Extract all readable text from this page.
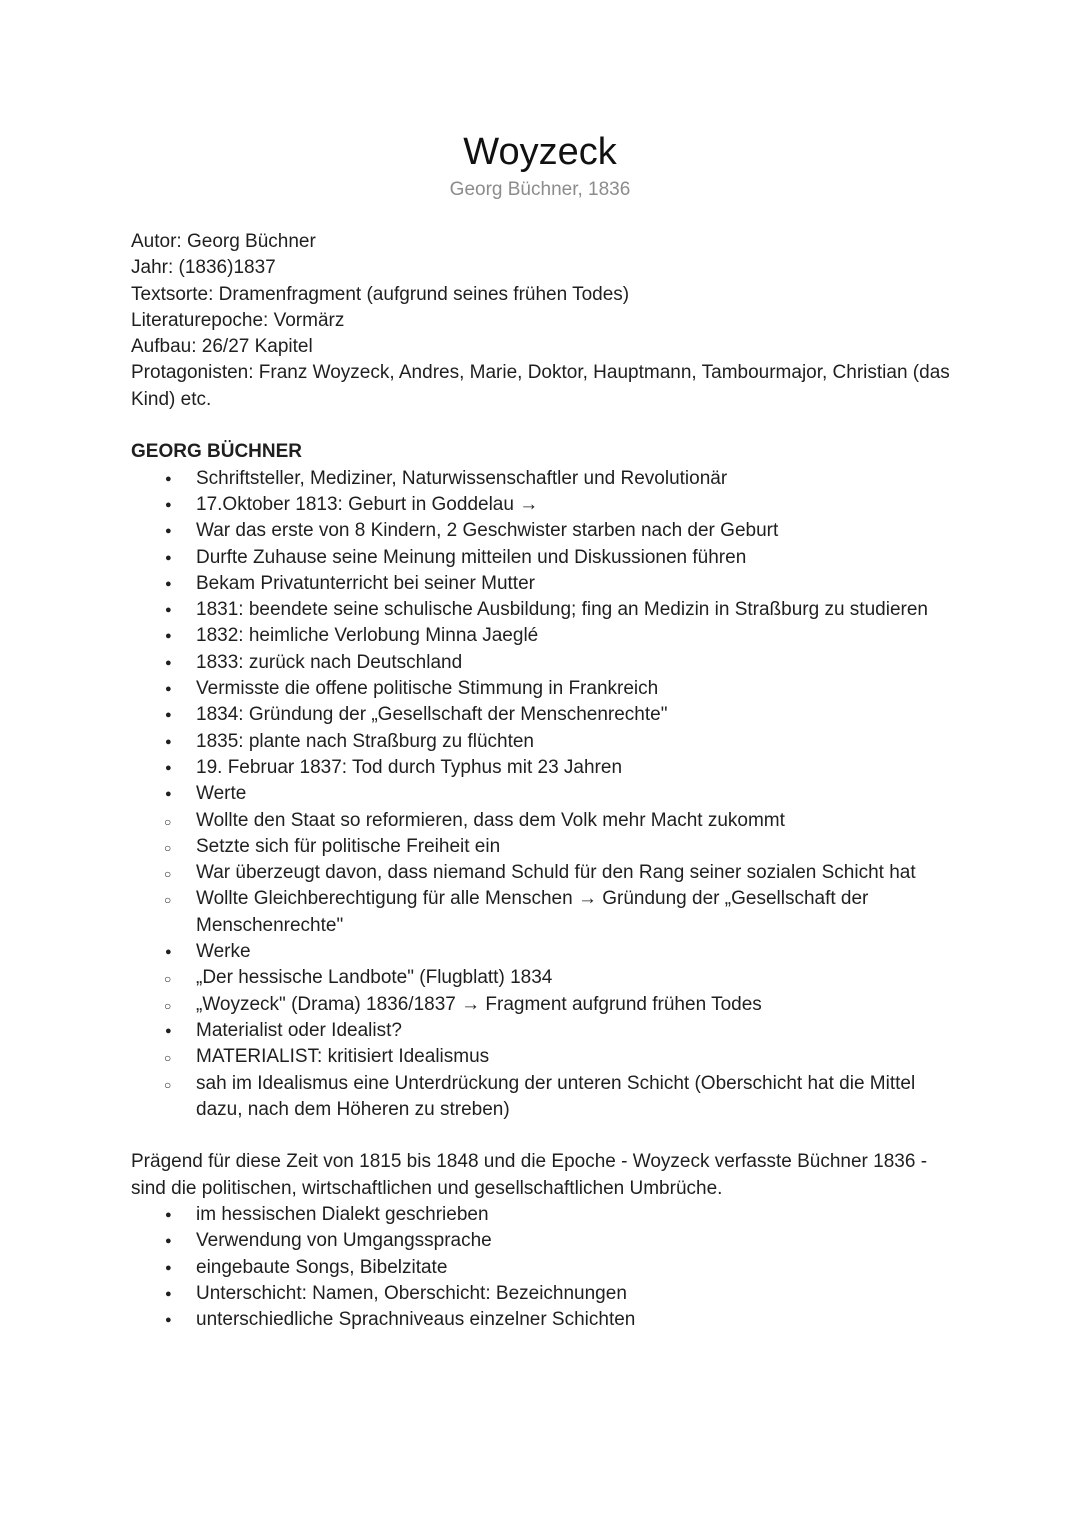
Woyzeck
Georg Büchner, 1836

Autor: Georg Büchner

Jahr: (1836)1837

Textsorte: Dramenfragment (aufgrund seines frühen Todes)

Literaturepoche: Vormärz

Aufbau: 26/27 Kapitel

Protagonisten: Franz Woyzeck, Andres, Marie, Doktor, Hauptmann, Tambourmajor, Christian (das Kind) etc.

GEORG BÜCHNER

● Schriftsteller, Mediziner, Naturwissenschaftler und Revolutionär
● 17.Oktober 1813: Geburt in Goddelau →
● War das erste von 8 Kindern, 2 Geschwister starben nach der Geburt
● Durfte Zuhause seine Meinung mitteilen und Diskussionen führen
● Bekam Privatunterricht bei seiner Mutter
● 1831: beendete seine schulische Ausbildung; fing an Medizin in Straßburg zu studieren
● 1832: heimliche Verlobung Minna Jaeglé
● 1833: zurück nach Deutschland
● Vermisste die offene politische Stimmung in Frankreich
● 1834: Gründung der „Gesellschaft der Menschenrechte"
● 1835: plante nach Straßburg zu flüchten
● 19. Februar 1837: Tod durch Typhus mit 23 Jahren
● Werte
○ Wollte den Staat so reformieren, dass dem Volk mehr Macht zukommt
○ Setzte sich für politische Freiheit ein
○ War überzeugt davon, dass niemand Schuld für den Rang seiner sozialen Schicht hat
○ Wollte Gleichberechtigung für alle Menschen → Gründung der „Gesellschaft der Menschenrechte"
● Werke
○ „Der hessische Landbote" (Flugblatt) 1834
○ „Woyzeck" (Drama) 1836/1837 → Fragment aufgrund frühen Todes
● Materialist oder Idealist?
○ MATERIALIST: kritisiert Idealismus
○ sah im Idealismus eine Unterdrückung der unteren Schicht (Oberschicht hat die Mittel dazu, nach dem Höheren zu streben)

Prägend für diese Zeit von 1815 bis 1848 und die Epoche - Woyzeck verfasste Büchner 1836 - sind die politischen, wirtschaftlichen und gesellschaftlichen Umbrüche.

● im hessischen Dialekt geschrieben
● Verwendung von Umgangssprache
● eingebaute Songs, Bibelzitate
● Unterschicht: Namen, Oberschicht: Bezeichnungen
● unterschiedliche Sprachniveaus einzelner Schichten
